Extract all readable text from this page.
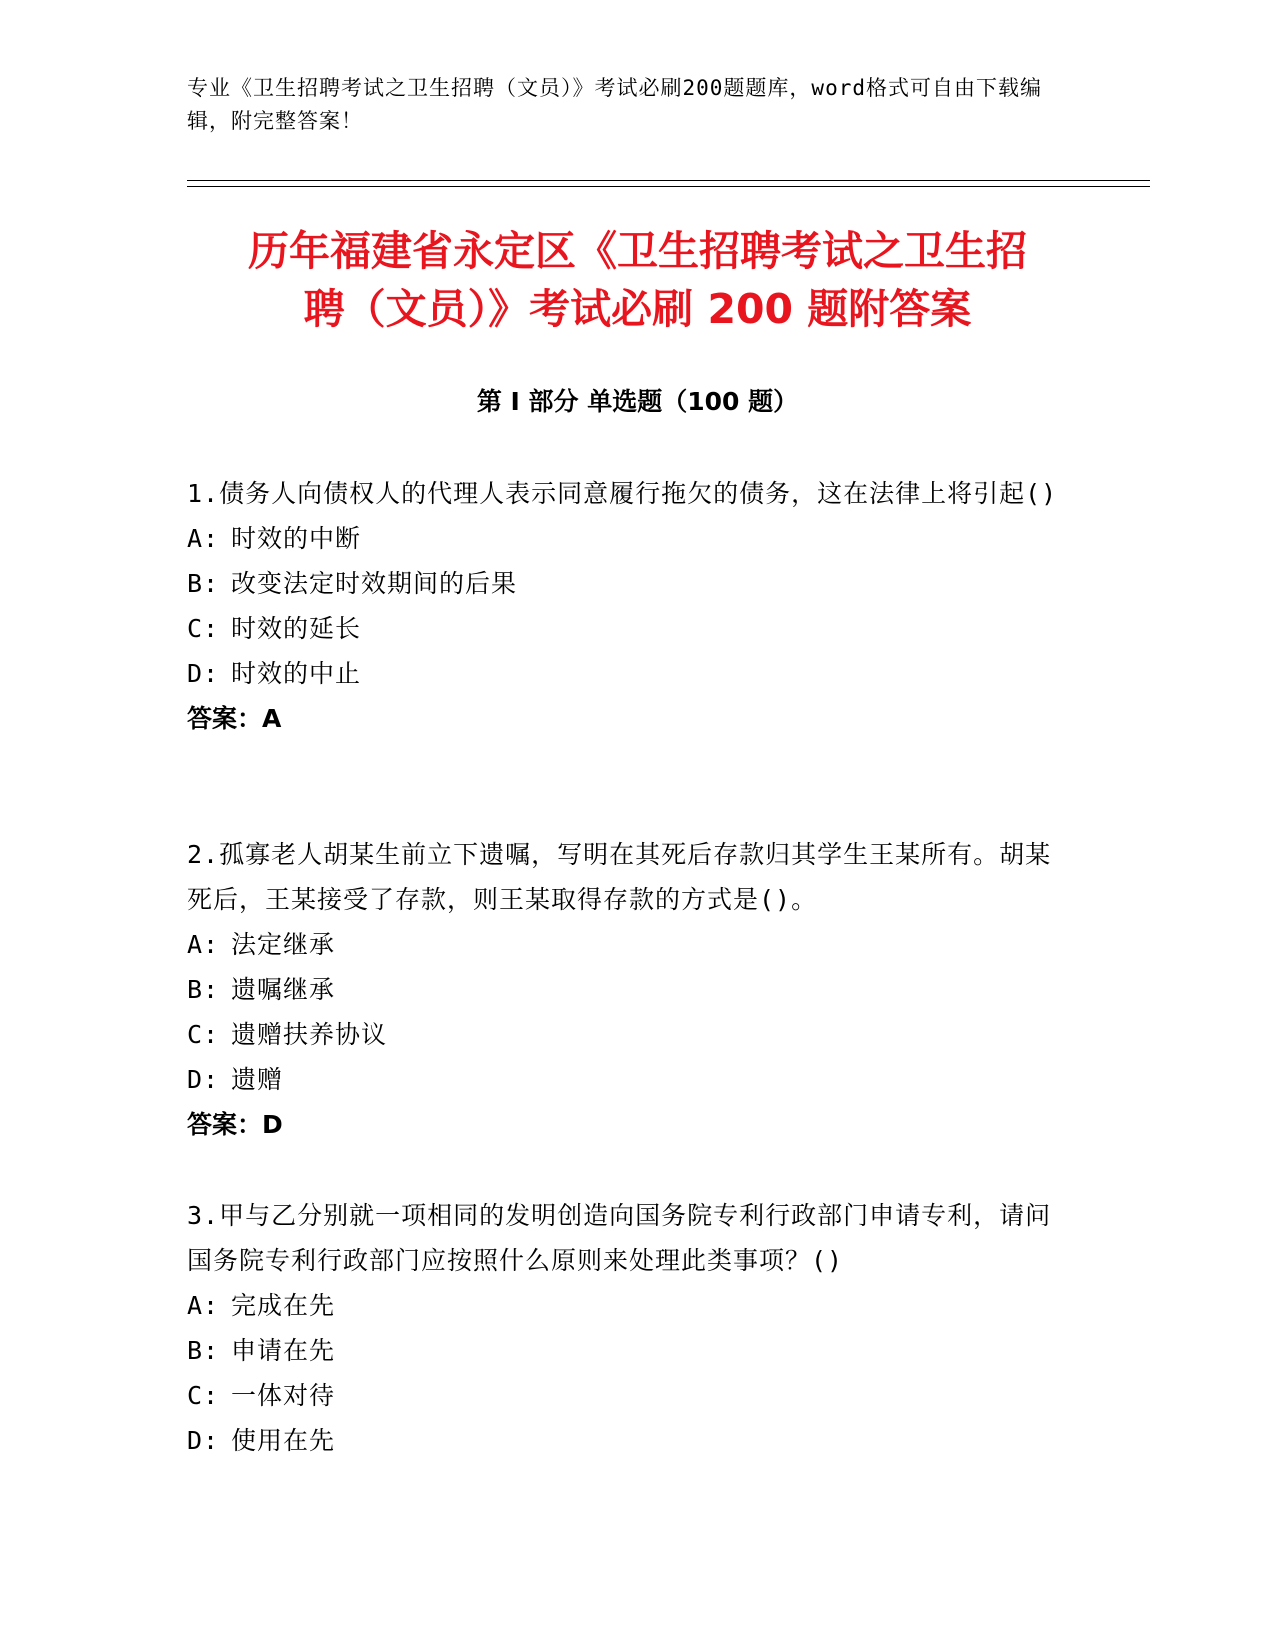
专业《卫生招聘考试之卫生招聘（文员）》考试必刷200题题库，word格式可自由下载编辑，附完整答案！
历年福建省永定区《卫生招聘考试之卫生招
聘（文员）》考试必刷 200 题附答案
第 I 部分 单选题（100 题）
1.债务人向债权人的代理人表示同意履行拖欠的债务，这在法律上将引起()
A: 时效的中断
B: 改变法定时效期间的后果
C: 时效的延长
D: 时效的中止
答案：A
2.孤寡老人胡某生前立下遗嘱，写明在其死后存款归其学生王某所有。胡某死后，王某接受了存款，则王某取得存款的方式是()。
A: 法定继承
B: 遗嘱继承
C: 遗赠扶养协议
D: 遗赠
答案：D
3.甲与乙分别就一项相同的发明创造向国务院专利行政部门申请专利，请问国务院专利行政部门应按照什么原则来处理此类事项？()
A: 完成在先
B: 申请在先
C: 一体对待
D: 使用在先
